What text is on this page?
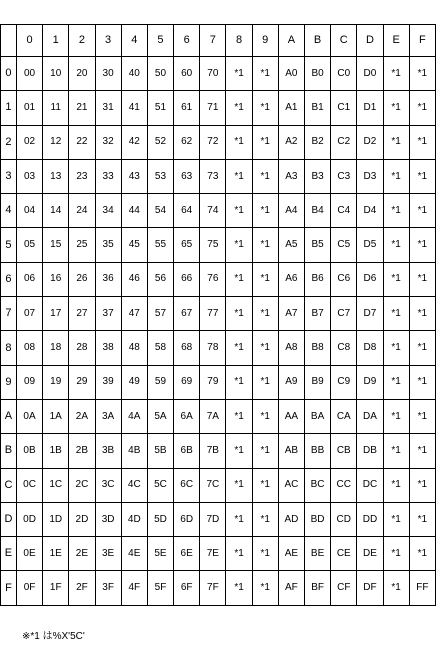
	0	1	2	3	4	5	6	7	8	9	A	B	C	D	E	F
0	00	10	20	30	40	50	60	70	*1	*1	A0	B0	C0	D0	*1	*1
1	01	11	21	31	41	51	61	71	*1	*1	A1	B1	C1	D1	*1	*1
2	02	12	22	32	42	52	62	72	*1	*1	A2	B2	C2	D2	*1	*1
3	03	13	23	33	43	53	63	73	*1	*1	A3	B3	C3	D3	*1	*1
4	04	14	24	34	44	54	64	74	*1	*1	A4	B4	C4	D4	*1	*1
5	05	15	25	35	45	55	65	75	*1	*1	A5	B5	C5	D5	*1	*1
6	06	16	26	36	46	56	66	76	*1	*1	A6	B6	C6	D6	*1	*1
7	07	17	27	37	47	57	67	77	*1	*1	A7	B7	C7	D7	*1	*1
8	08	18	28	38	48	58	68	78	*1	*1	A8	B8	C8	D8	*1	*1
9	09	19	29	39	49	59	69	79	*1	*1	A9	B9	C9	D9	*1	*1
A	0A	1A	2A	3A	4A	5A	6A	7A	*1	*1	AA	BA	CA	DA	*1	*1
B	0B	1B	2B	3B	4B	5B	6B	7B	*1	*1	AB	BB	CB	DB	*1	*1
C	0C	1C	2C	3C	4C	5C	6C	7C	*1	*1	AC	BC	CC	DC	*1	*1
D	0D	1D	2D	3D	4D	5D	6D	7D	*1	*1	AD	BD	CD	DD	*1	*1
E	0E	1E	2E	3E	4E	5E	6E	7E	*1	*1	AE	BE	CE	DE	*1	*1
F	0F	1F	2F	3F	4F	5F	6F	7F	*1	*1	AF	BF	CF	DF	*1	FF
※*1 は%X'5C'
